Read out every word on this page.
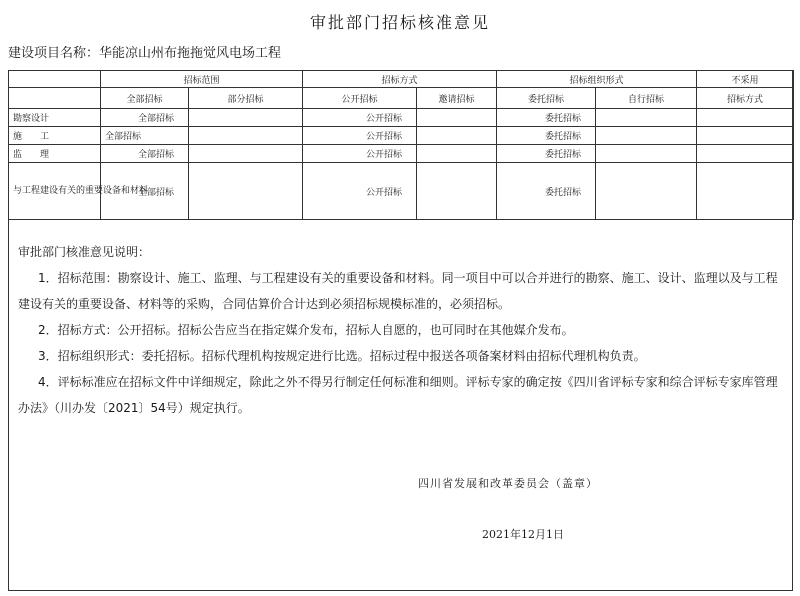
审批部门招标核准意见
建设项目名称：华能凉山州布拖拖觉风电场工程
	招标范围		招标方式		招标组织形式		不采用
	全部招标	部分招标	公开招标	邀请招标	委托招标	自行招标	招标方式
勘察设计	全部招标		公开招标		委托招标		
施　　工	全部招标		公开招标		委托招标		
监　　理	全部招标		公开招标		委托招标		
与工程建设有关的重要设备和材料	全部招标		公开招标		委托招标		

审批部门核准意见说明：

1．招标范围：勘察设计、施工、监理、与工程建设有关的重要设备和材料。同一项目中可以合并进行的勘察、施工、设计、监理以及与工程建设有关的重要设备、材料等的采购，合同估算价合计达到必须招标规模标准的，必须招标。

2．招标方式：公开招标。招标公告应当在指定媒介发布，招标人自愿的，也可同时在其他媒介发布。

3．招标组织形式：委托招标。招标代理机构按规定进行比选。招标过程中报送各项备案材料由招标代理机构负责。

4．评标标准应在招标文件中详细规定，除此之外不得另行制定任何标准和细则。评标专家的确定按《四川省评标专家和综合评标专家库管理办法》（川办发〔2021〕54号）规定执行。

四川省发展和改革委员会（盖章）
2021年12月1日
